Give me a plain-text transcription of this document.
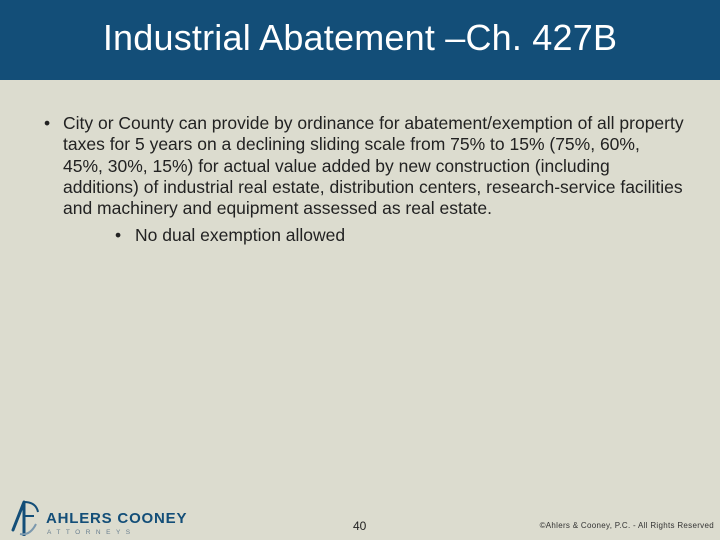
Industrial Abatement –Ch. 427B
• City or County can provide by ordinance for abatement/exemption of all property taxes for 5 years on a declining sliding scale from 75% to 15% (75%, 60%, 45%, 30%, 15%) for actual value added by new construction (including additions) of industrial real estate, distribution centers, research-service facilities and machinery and equipment assessed as real estate.
• No dual exemption allowed
AHLERS COONEY
ATTORNEYS	40	©Ahlers & Cooney, P.C. - All Rights Reserved
